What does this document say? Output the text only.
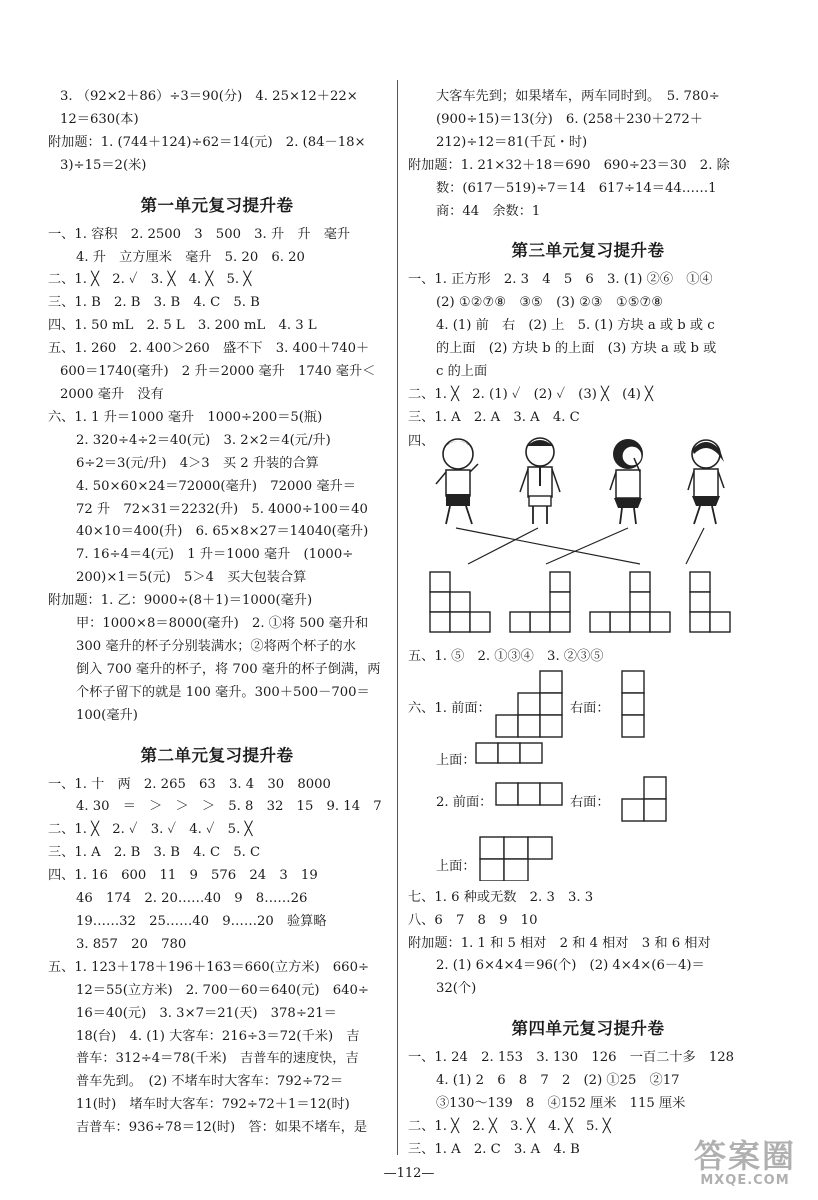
3. （92×2＋86）÷3＝90(分)　4. 25×12＋22×
12＝630(本)
附加题：1. (744＋124)÷62＝14(元)　2. (84－18×
3)÷15＝2(米)
第一单元复习提升卷
一、1. 容积　2. 2500　3　500　3. 升　升　毫升
4. 升　立方厘米　毫升　5. 20　6. 20
二、1. ╳　2. ✓　3. ╳　4. ╳　5. ╳
三、1. B　2. B　3. B　4. C　5. B
四、1. 50 mL　2. 5 L　3. 200 mL　4. 3 L
五、1. 260　2. 400＞260　盛不下　3. 400＋740＋
600＝1740(毫升)　2 升＝2000 毫升　1740 毫升＜
2000 毫升　没有
六、1. 1 升＝1000 毫升　1000÷200＝5(瓶)
2. 320÷4÷2＝40(元)　3. 2×2＝4(元/升)
6÷2＝3(元/升)　4＞3　买 2 升装的合算
4. 50×60×24＝72000(毫升)　72000 毫升＝
72 升　72×31＝2232(升)　5. 4000÷100＝40
40×10＝400(升)　6. 65×8×27＝14040(毫升)
7. 16÷4＝4(元)　1 升＝1000 毫升　(1000÷
200)×1＝5(元)　5＞4　买大包装合算
附加题：1. 乙：9000÷(8＋1)＝1000(毫升)
甲：1000×8＝8000(毫升)　2. ①将 500 毫升和
300 毫升的杯子分别装满水；②将两个杯子的水
倒入 700 毫升的杯子，将 700 毫升的杯子倒满，两
个杯子留下的就是 100 毫升。300＋500－700＝
100(毫升)
第二单元复习提升卷
一、1. 十　两　2. 265　63　3. 4　30　8000
4. 30　＝　＞　＞　＞　5. 8　32　15　9. 14　7
二、1. ╳　2. ✓　3. ✓　4. ✓　5. ╳
三、1. A　2. B　3. B　4. C　5. C
四、1. 16　600　11　9　576　24　3　19
46　174　2. 20……40　9　8……26
19……32　25……40　9……20　验算略
3. 857　20　780
五、1. 123＋178＋196＋163＝660(立方米)　660÷
12＝55(立方米)　2. 700－60＝640(元)　640÷
16＝40(元)　3. 3×7＝21(天)　378÷21＝
18(台)　4. (1) 大客车：216÷3＝72(千米)　吉
普车：312÷4＝78(千米)　吉普车的速度快，吉
普车先到。　(2) 不堵车时大客车：792÷72＝
11(时)　堵车时大客车：792÷72＋1＝12(时)
吉普车：936÷78＝12(时)　答：如果不堵车，是
大客车先到；如果堵车，两车同时到。　5. 780÷
(900÷15)＝13(分)　6. (258＋230＋272＋
212)÷12＝81(千瓦・时)
附加题：1. 21×32＋18＝690　690÷23＝30　2. 除
数：(617－519)÷7＝14　617÷14＝44……1
商：44　余数：1
第三单元复习提升卷
一、1. 正方形　2. 3　4　5　6　3. (1) ②⑥　①④
(2) ①②⑦⑧　③⑤　(3) ②③　①⑤⑦⑧
4. (1) 前　右　(2) 上　5. (1) 方块 a 或 b 或 c
的上面　(2) 方块 b 的上面　(3) 方块 a 或 b 或
c 的上面
二、1. ╳　2. (1) ✓　(2) ✓　(3) ╳　(4) ╳
三、1. A　2. A　3. A　4. C
四、
五、1. ⑤　2. ①③④　3. ②③⑤
六、1. 前面：	右面：
上面：
2. 前面：	右面：
上面：
七、1. 6 种或无数　2. 3　3. 3
八、6　7　8　9　10
附加题：1. 1 和 5 相对　2 和 4 相对　3 和 6 相对
2. (1) 6×4×4＝96(个)　(2) 4×4×(6－4)＝
32(个)
第四单元复习提升卷
一、1. 24　2. 153　3. 130　126　一百二十多　128
4. (1) 2　6　8　7　2　(2) ①25　②17
③130～139　8　④152 厘米　115 厘米
二、1. ╳　2. ╳　3. ╳　4. ╳　5. ╳
三、1. A　2. C　3. A　4. B
—112—	答案圈
MXQE.COM
